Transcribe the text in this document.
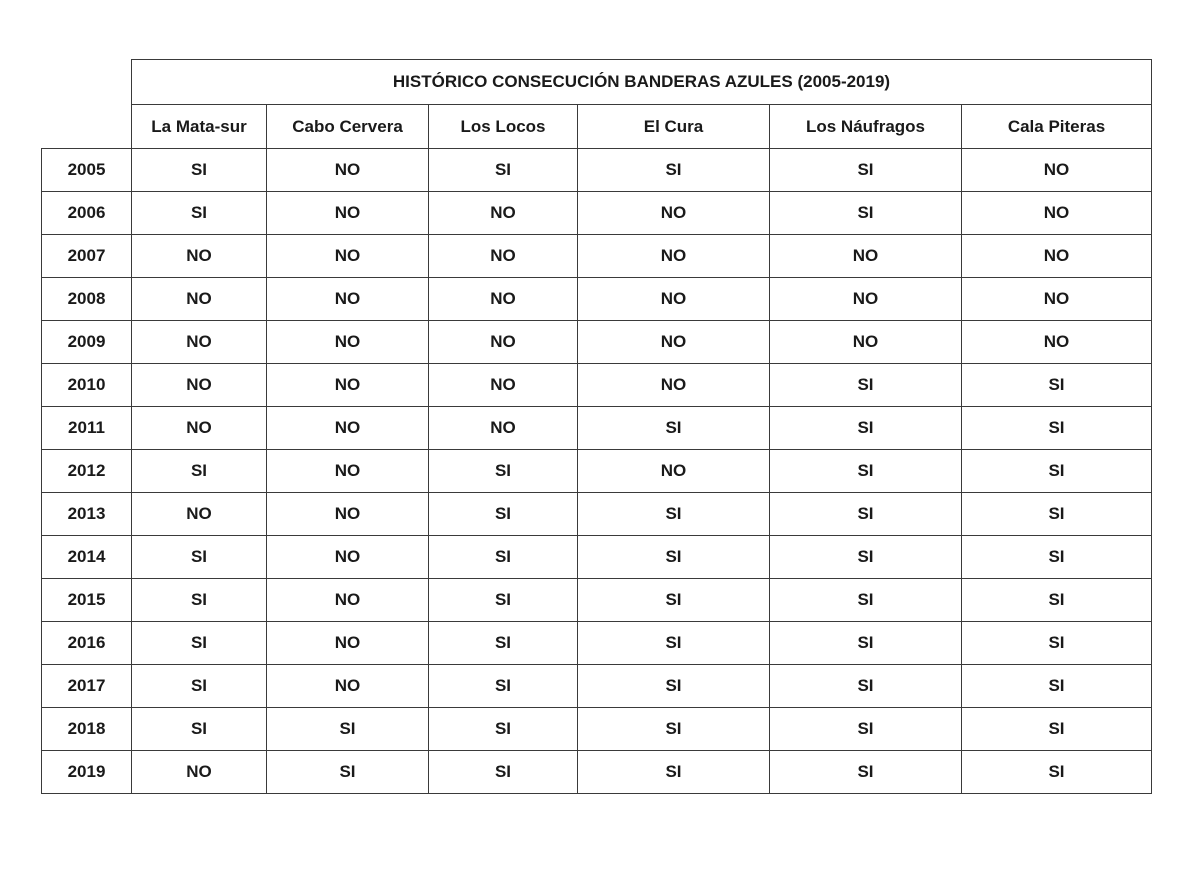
	HISTÓRICO CONSECUCIÓN BANDERAS AZULES (2005-2019)					
	La Mata-sur	Cabo Cervera	Los Locos	El Cura	Los Náufragos	Cala Piteras
2005	SI	NO	SI	SI	SI	NO
2006	SI	NO	NO	NO	SI	NO
2007	NO	NO	NO	NO	NO	NO
2008	NO	NO	NO	NO	NO	NO
2009	NO	NO	NO	NO	NO	NO
2010	NO	NO	NO	NO	SI	SI
2011	NO	NO	NO	SI	SI	SI
2012	SI	NO	SI	NO	SI	SI
2013	NO	NO	SI	SI	SI	SI
2014	SI	NO	SI	SI	SI	SI
2015	SI	NO	SI	SI	SI	SI
2016	SI	NO	SI	SI	SI	SI
2017	SI	NO	SI	SI	SI	SI
2018	SI	SI	SI	SI	SI	SI
2019	NO	SI	SI	SI	SI	SI
